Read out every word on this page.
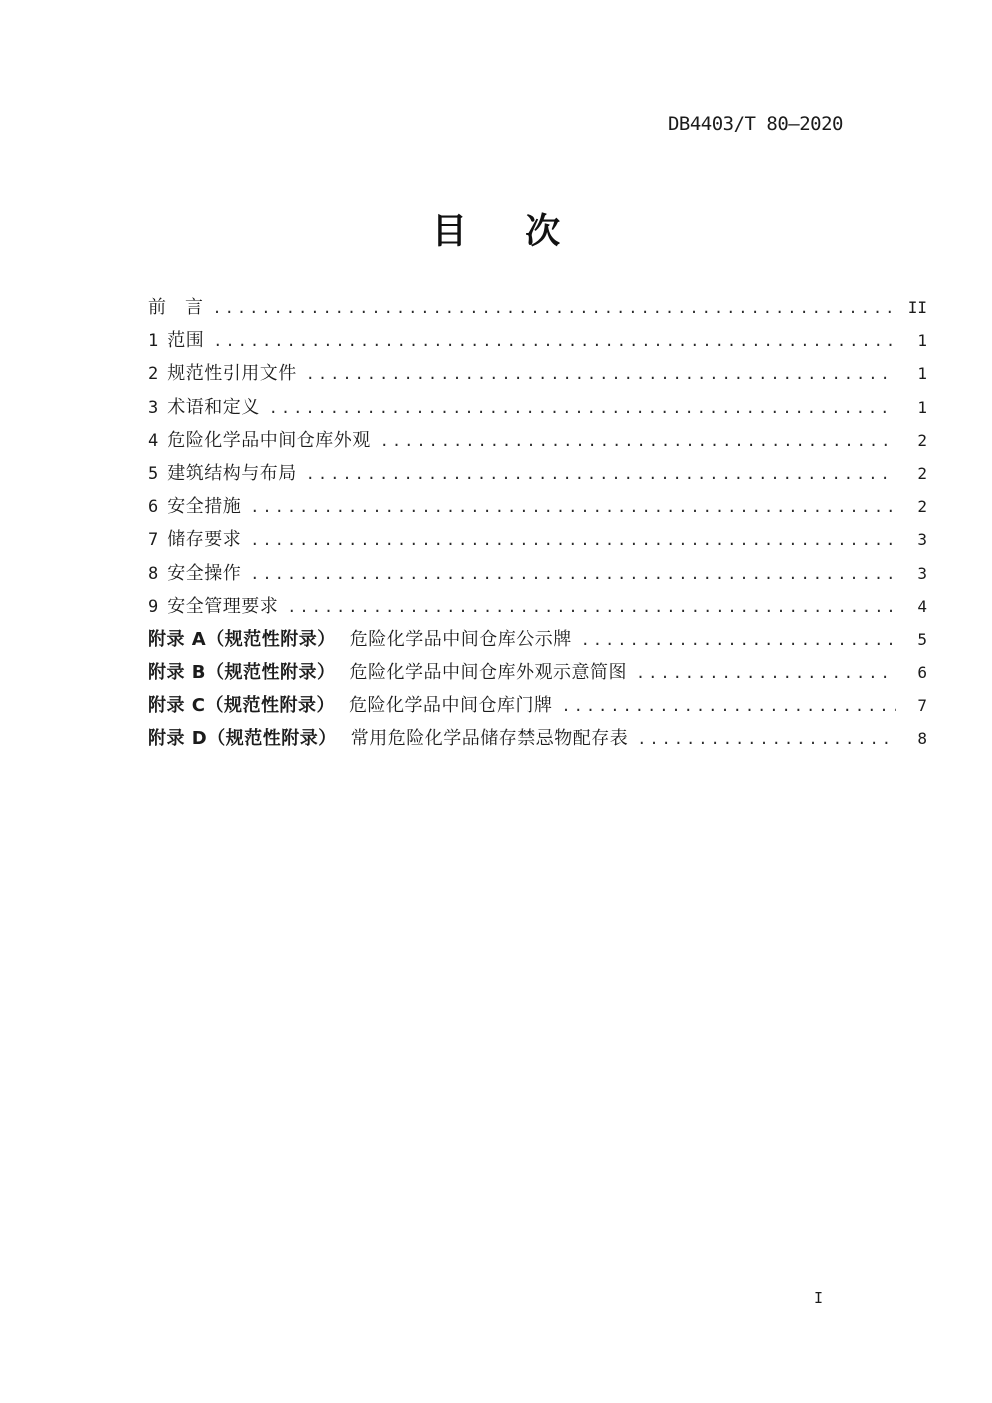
DB4403/T 80—2020
目 次
前　言 .....	II
1 范围 .....	1
2 规范性引用文件 .....	1
3 术语和定义 .....	1
4 危险化学品中间仓库外观 .....	2
5 建筑结构与布局 .....	2
6 安全措施 .....	2
7 储存要求 .....	3
8 安全操作 .....	3
9 安全管理要求 .....	4
附录 A（规范性附录） 危险化学品中间仓库公示牌 .....	5
附录 B（规范性附录） 危险化学品中间仓库外观示意简图 .....	6
附录 C（规范性附录） 危险化学品中间仓库门牌 .....	7
附录 D（规范性附录） 常用危险化学品储存禁忌物配存表 .....	8
I
